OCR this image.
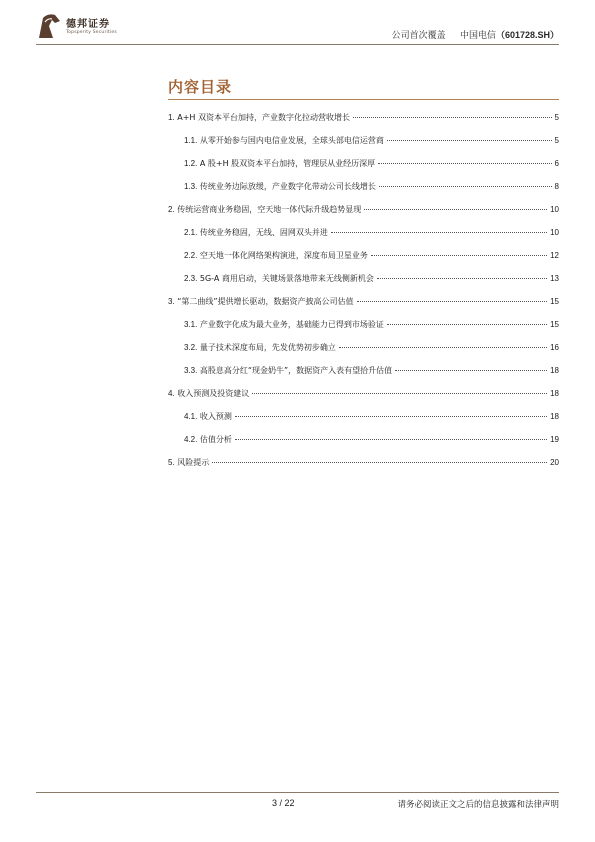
德邦证券
Topsperity Securities	公司首次覆盖 中国电信（601728.SH）
内容目录
1. A+H 双资本平台加持，产业数字化拉动营收增长	5
1.1. 从零开始参与国内电信业发展，全球头部电信运营商	5
1.2. A 股+H 股双资本平台加持，管理层从业经历深厚	6
1.3. 传统业务边际放缓，产业数字化带动公司长线增长	8
2. 传统运营商业务稳固，空天地一体代际升级趋势显现	10
2.1. 传统业务稳固，无线、固网双头并进	10
2.2. 空天地一体化网络架构演进，深度布局卫星业务	12
2.3. 5G-A 商用启动，关键场景落地带来无线侧新机会	13
3. “第二曲线”提供增长驱动，数据资产披高公司估值	15
3.1. 产业数字化成为最大业务，基础能力已得到市场验证	15
3.2. 量子技术深度布局，先发优势初步确立	16
3.3. 高股息高分红“现金奶牛”，数据资产入表有望拾升估值	18
4. 收入预测及投资建议	18
4.1. 收入预测	18
4.2. 估值分析	19
5. 风险提示	20
3 / 22	请务必阅读正文之后的信息披露和法律声明
